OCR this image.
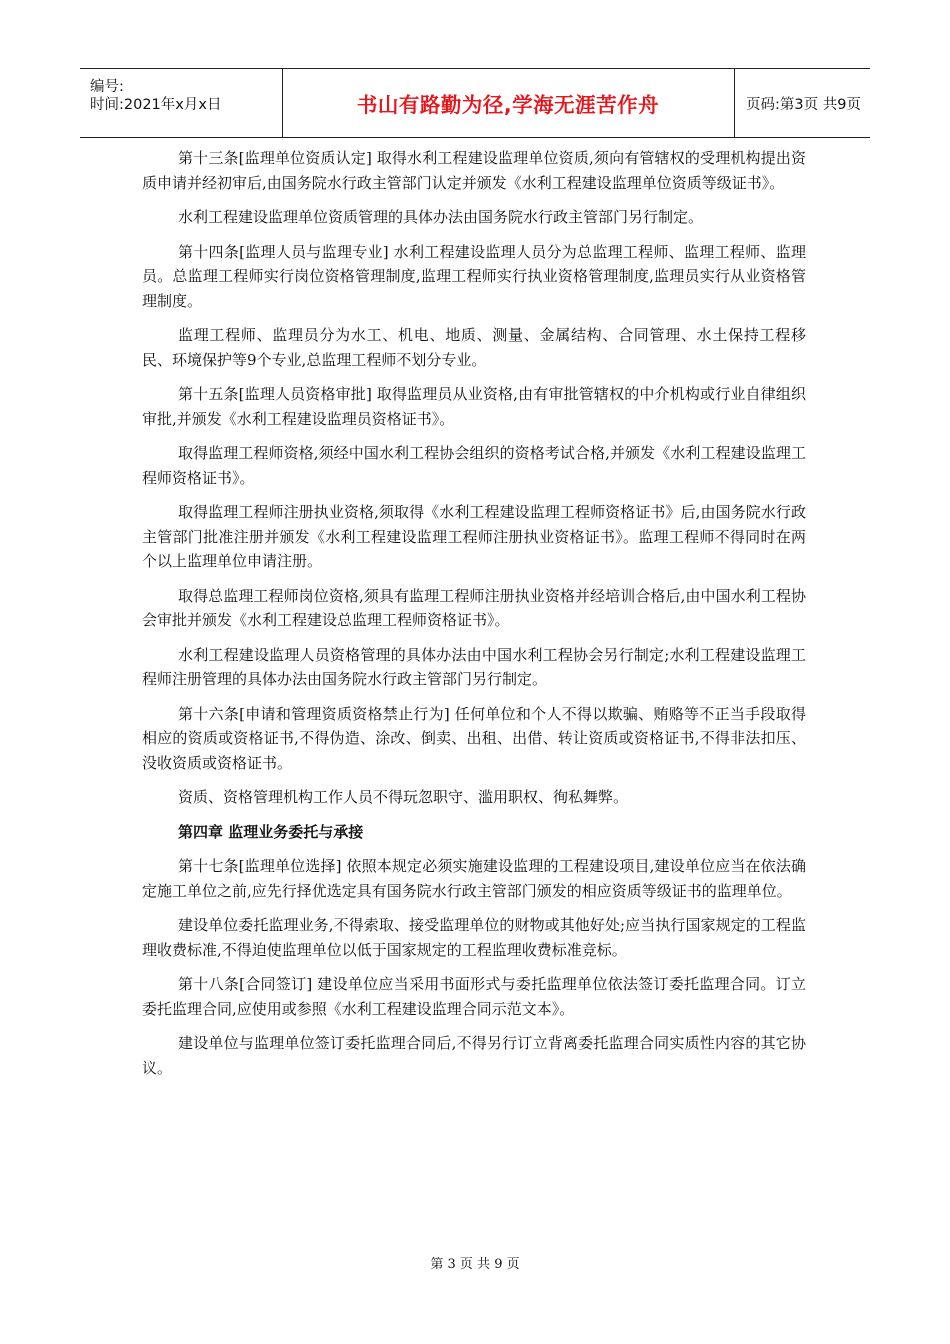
编号:
时间:2021年x月x日	书山有路勤为径,学海无涯苦作舟	页码:第3页 共9页

第十三条[监理单位资质认定] 取得水利工程建设监理单位资质,须向有管辖权的受理机构提出资质申请并经初审后,由国务院水行政主管部门认定并颁发《水利工程建设监理单位资质等级证书》。

水利工程建设监理单位资质管理的具体办法由国务院水行政主管部门另行制定。

第十四条[监理人员与监理专业] 水利工程建设监理人员分为总监理工程师、监理工程师、监理员。总监理工程师实行岗位资格管理制度,监理工程师实行执业资格管理制度,监理员实行从业资格管理制度。

监理工程师、监理员分为水工、机电、地质、测量、金属结构、合同管理、水土保持工程移民、环境保护等9个专业,总监理工程师不划分专业。

第十五条[监理人员资格审批] 取得监理员从业资格,由有审批管辖权的中介机构或行业自律组织审批,并颁发《水利工程建设监理员资格证书》。

取得监理工程师资格,须经中国水利工程协会组织的资格考试合格,并颁发《水利工程建设监理工程师资格证书》。

取得监理工程师注册执业资格,须取得《水利工程建设监理工程师资格证书》后,由国务院水行政主管部门批准注册并颁发《水利工程建设监理工程师注册执业资格证书》。监理工程师不得同时在两个以上监理单位申请注册。

取得总监理工程师岗位资格,须具有监理工程师注册执业资格并经培训合格后,由中国水利工程协会审批并颁发《水利工程建设总监理工程师资格证书》。

水利工程建设监理人员资格管理的具体办法由中国水利工程协会另行制定;水利工程建设监理工程师注册管理的具体办法由国务院水行政主管部门另行制定。

第十六条[申请和管理资质资格禁止行为] 任何单位和个人不得以欺骗、贿赂等不正当手段取得相应的资质或资格证书,不得伪造、涂改、倒卖、出租、出借、转让资质或资格证书,不得非法扣压、没收资质或资格证书。

资质、资格管理机构工作人员不得玩忽职守、滥用职权、徇私舞弊。

第四章 监理业务委托与承接

第十七条[监理单位选择] 依照本规定必须实施建设监理的工程建设项目,建设单位应当在依法确定施工单位之前,应先行择优选定具有国务院水行政主管部门颁发的相应资质等级证书的监理单位。

建设单位委托监理业务,不得索取、接受监理单位的财物或其他好处;应当执行国家规定的工程监理收费标准,不得迫使监理单位以低于国家规定的工程监理收费标准竞标。

第十八条[合同签订] 建设单位应当采用书面形式与委托监理单位依法签订委托监理合同。订立委托监理合同,应使用或参照《水利工程建设监理合同示范文本》。

建设单位与监理单位签订委托监理合同后,不得另行订立背离委托监理合同实质性内容的其它协议。

第 3 页 共 9 页
